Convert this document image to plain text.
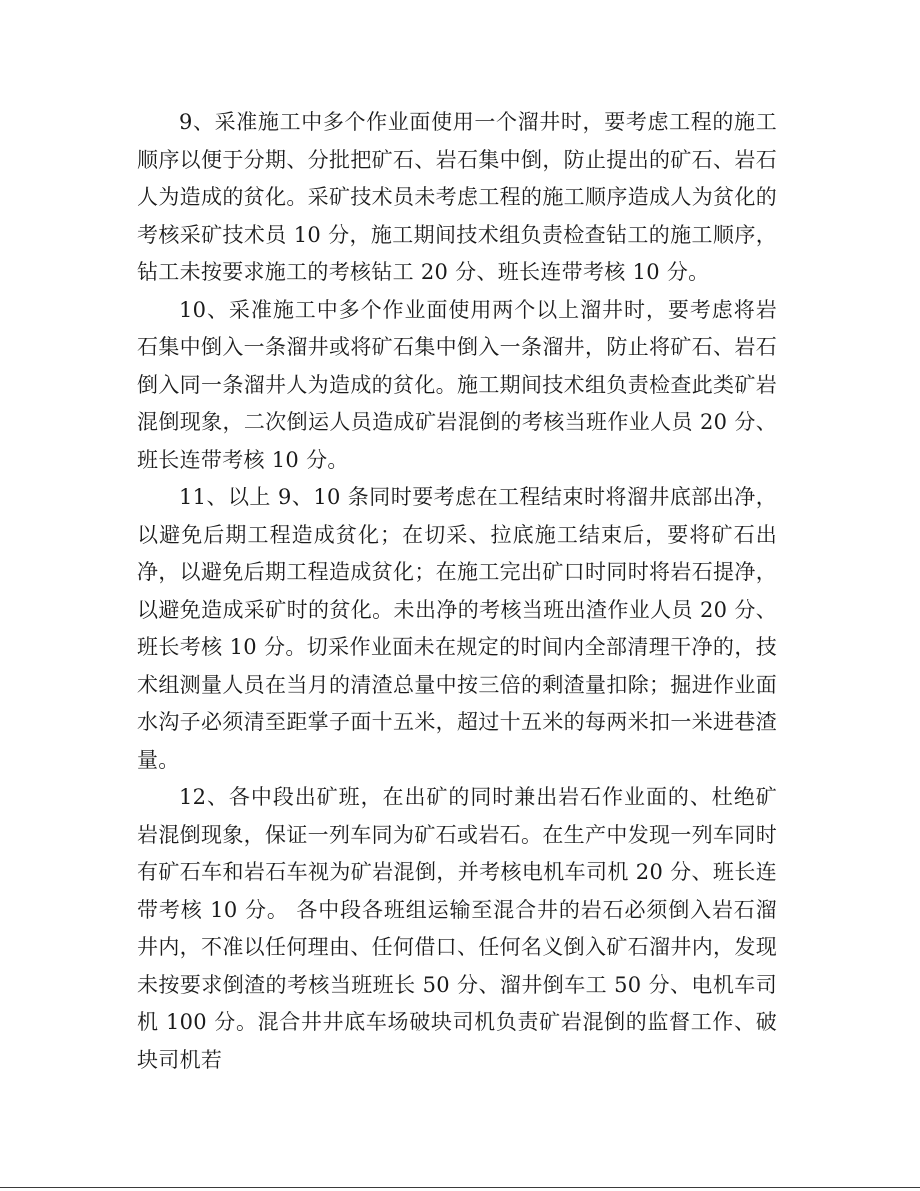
9、采准施工中多个作业面使用一个溜井时，要考虑工程的施工顺序以便于分期、分批把矿石、岩石集中倒，防止提出的矿石、岩石人为造成的贫化。采矿技术员未考虑工程的施工顺序造成人为贫化的考核采矿技术员 10 分，施工期间技术组负责检查钻工的施工顺序，钻工未按要求施工的考核钻工 20 分、班长连带考核 10 分。

10、采准施工中多个作业面使用两个以上溜井时，要考虑将岩石集中倒入一条溜井或将矿石集中倒入一条溜井，防止将矿石、岩石倒入同一条溜井人为造成的贫化。施工期间技术组负责检查此类矿岩混倒现象，二次倒运人员造成矿岩混倒的考核当班作业人员 20 分、班长连带考核 10 分。

11、以上 9、10 条同时要考虑在工程结束时将溜井底部出净，以避免后期工程造成贫化；在切采、拉底施工结束后，要将矿石出净，以避免后期工程造成贫化；在施工完出矿口时同时将岩石提净，以避免造成采矿时的贫化。未出净的考核当班出渣作业人员 20 分、班长考核 10 分。切采作业面未在规定的时间内全部清理干净的，技术组测量人员在当月的清渣总量中按三倍的剩渣量扣除；掘进作业面水沟子必须清至距掌子面十五米，超过十五米的每两米扣一米进巷渣量。

12、各中段出矿班，在出矿的同时兼出岩石作业面的、杜绝矿岩混倒现象，保证一列车同为矿石或岩石。在生产中发现一列车同时有矿石车和岩石车视为矿岩混倒，并考核电机车司机 20 分、班长连带考核 10 分。 各中段各班组运输至混合井的岩石必须倒入岩石溜井内，不准以任何理由、任何借口、任何名义倒入矿石溜井内，发现未按要求倒渣的考核当班班长 50 分、溜井倒车工 50 分、电机车司机 100 分。混合井井底车场破块司机负责矿岩混倒的监督工作、破块司机若
